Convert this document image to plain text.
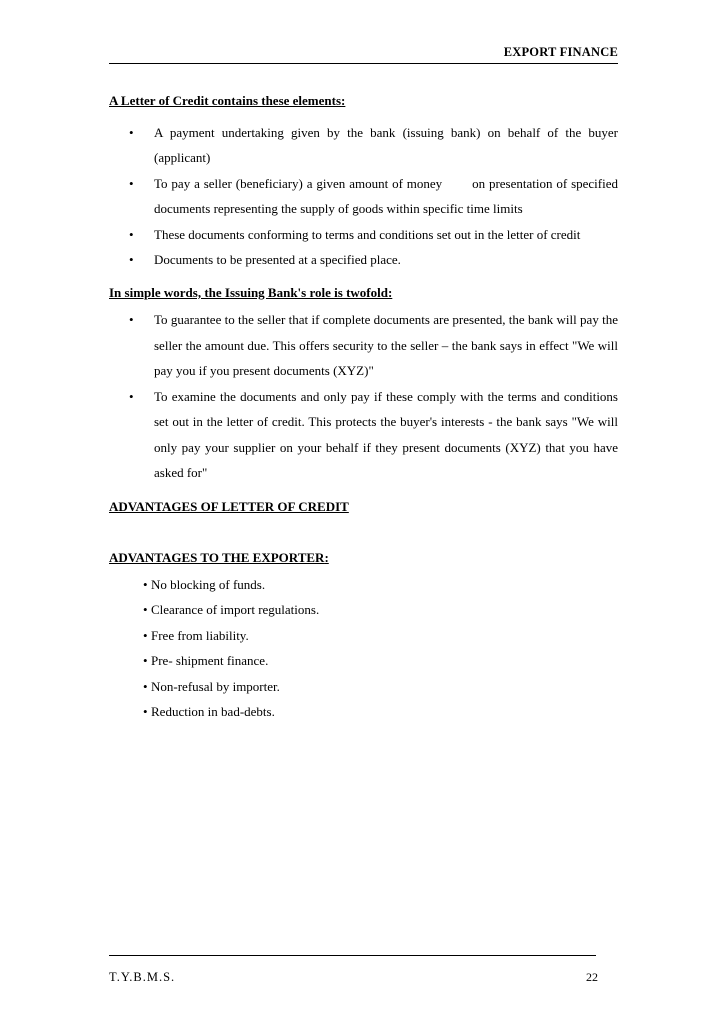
EXPORT FINANCE

A Letter of Credit contains these elements:

• A payment undertaking given by the bank (issuing bank) on behalf of the buyer (applicant)
• To pay a seller (beneficiary) a given amount of money on presentation of specified documents representing the supply of goods within specific time limits
• These documents conforming to terms and conditions set out in the letter of credit
• Documents to be presented at a specified place.

In simple words, the Issuing Bank's role is twofold:

• To guarantee to the seller that if complete documents are presented, the bank will pay the seller the amount due. This offers security to the seller – the bank says in effect "We will pay you if you present documents (XYZ)"
• To examine the documents and only pay if these comply with the terms and conditions set out in the letter of credit. This protects the buyer's interests - the bank says "We will only pay your supplier on your behalf if they present documents (XYZ) that you have asked for"

ADVANTAGES OF LETTER OF CREDIT

ADVANTAGES TO THE EXPORTER:

• No blocking of funds.
• Clearance of import regulations.
• Free from liability.
• Pre- shipment finance.
• Non-refusal by importer.
• Reduction in bad-debts.
T.Y.B.M.S.	22
